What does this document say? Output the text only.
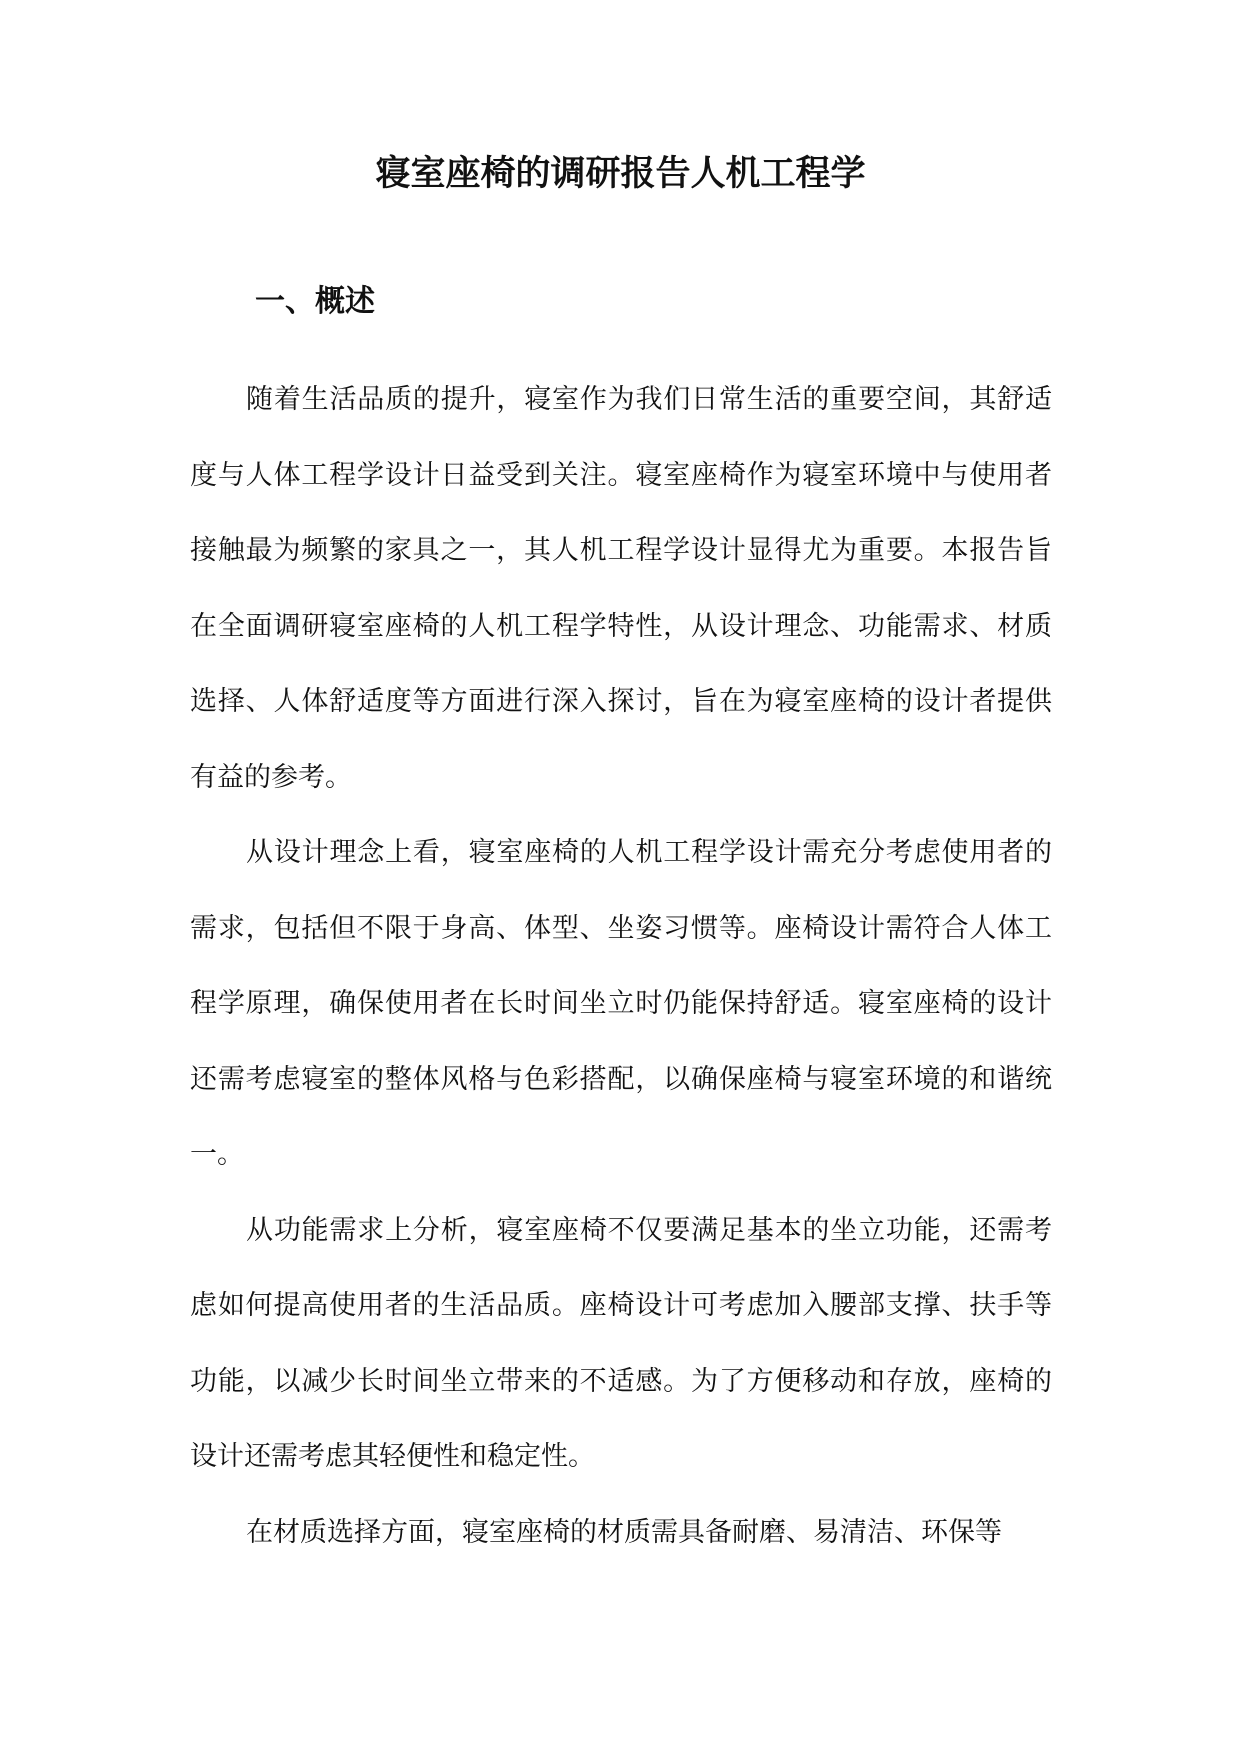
寝室座椅的调研报告人机工程学
一、概述

随着生活品质的提升，寝室作为我们日常生活的重要空间，其舒适度与人体工程学设计日益受到关注。寝室座椅作为寝室环境中与使用者接触最为频繁的家具之一，其人机工程学设计显得尤为重要。本报告旨在全面调研寝室座椅的人机工程学特性，从设计理念、功能需求、材质选择、人体舒适度等方面进行深入探讨，旨在为寝室座椅的设计者提供有益的参考。

从设计理念上看，寝室座椅的人机工程学设计需充分考虑使用者的需求，包括但不限于身高、体型、坐姿习惯等。座椅设计需符合人体工程学原理，确保使用者在长时间坐立时仍能保持舒适。寝室座椅的设计还需考虑寝室的整体风格与色彩搭配，以确保座椅与寝室环境的和谐统一。

从功能需求上分析，寝室座椅不仅要满足基本的坐立功能，还需考虑如何提高使用者的生活品质。座椅设计可考虑加入腰部支撑、扶手等功能，以减少长时间坐立带来的不适感。为了方便移动和存放，座椅的设计还需考虑其轻便性和稳定性。

在材质选择方面，寝室座椅的材质需具备耐磨、易清洁、环保等
